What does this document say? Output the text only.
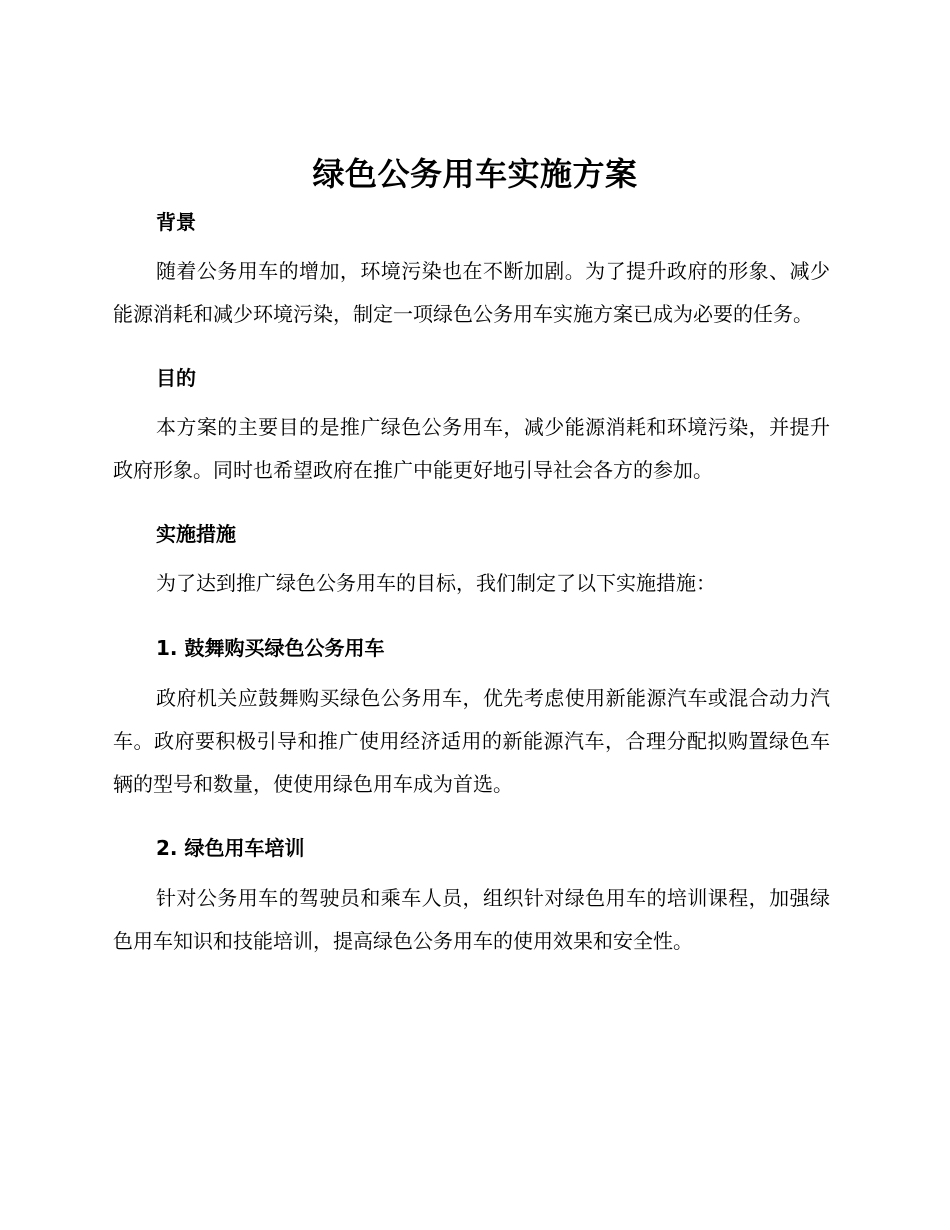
绿色公务用车实施方案
背景

随着公务用车的增加，环境污染也在不断加剧。为了提升政府的形象、减少能源消耗和减少环境污染，制定一项绿色公务用车实施方案已成为必要的任务。

目的

本方案的主要目的是推广绿色公务用车，减少能源消耗和环境污染，并提升政府形象。同时也希望政府在推广中能更好地引导社会各方的参加。

实施措施

为了达到推广绿色公务用车的目标，我们制定了以下实施措施：

1. 鼓舞购买绿色公务用车

政府机关应鼓舞购买绿色公务用车，优先考虑使用新能源汽车或混合动力汽车。政府要积极引导和推广使用经济适用的新能源汽车，合理分配拟购置绿色车辆的型号和数量，使使用绿色用车成为首选。

2. 绿色用车培训

针对公务用车的驾驶员和乘车人员，组织针对绿色用车的培训课程，加强绿色用车知识和技能培训，提高绿色公务用车的使用效果和安全性。
